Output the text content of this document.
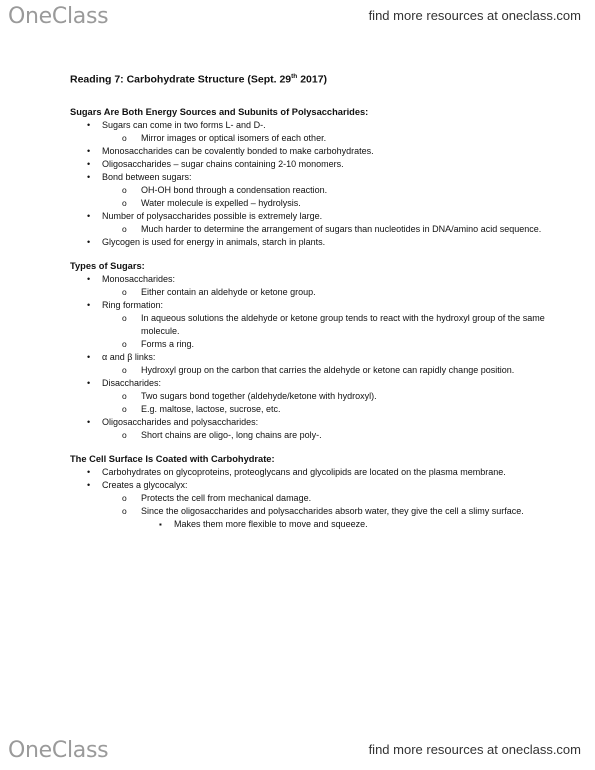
OneClass	find more resources at oneclass.com
Reading 7: Carbohydrate Structure (Sept. 29th 2017)
Sugars Are Both Energy Sources and Subunits of Polysaccharides:
• Sugars can come in two forms L- and D-.
o Mirror images or optical isomers of each other.
• Monosaccharides can be covalently bonded to make carbohydrates.
• Oligosaccharides – sugar chains containing 2-10 monomers.
• Bond between sugars:
o OH-OH bond through a condensation reaction.
o Water molecule is expelled – hydrolysis.
• Number of polysaccharides possible is extremely large.
o Much harder to determine the arrangement of sugars than nucleotides in DNA/amino acid sequence.
• Glycogen is used for energy in animals, starch in plants.
Types of Sugars:
• Monosaccharides:
o Either contain an aldehyde or ketone group.
• Ring formation:
o In aqueous solutions the aldehyde or ketone group tends to react with the hydroxyl group of the same molecule.
o Forms a ring.
• α and β links:
o Hydroxyl group on the carbon that carries the aldehyde or ketone can rapidly change position.
• Disaccharides:
o Two sugars bond together (aldehyde/ketone with hydroxyl).
o E.g. maltose, lactose, sucrose, etc.
• Oligosaccharides and polysaccharides:
o Short chains are oligo-, long chains are poly-.
The Cell Surface Is Coated with Carbohydrate:
• Carbohydrates on glycoproteins, proteoglycans and glycolipids are located on the plasma membrane.
• Creates a glycocalyx:
o Protects the cell from mechanical damage.
o Since the oligosaccharides and polysaccharides absorb water, they give the cell a slimy surface.
▪ Makes them more flexible to move and squeeze.
OneClass	find more resources at oneclass.com
